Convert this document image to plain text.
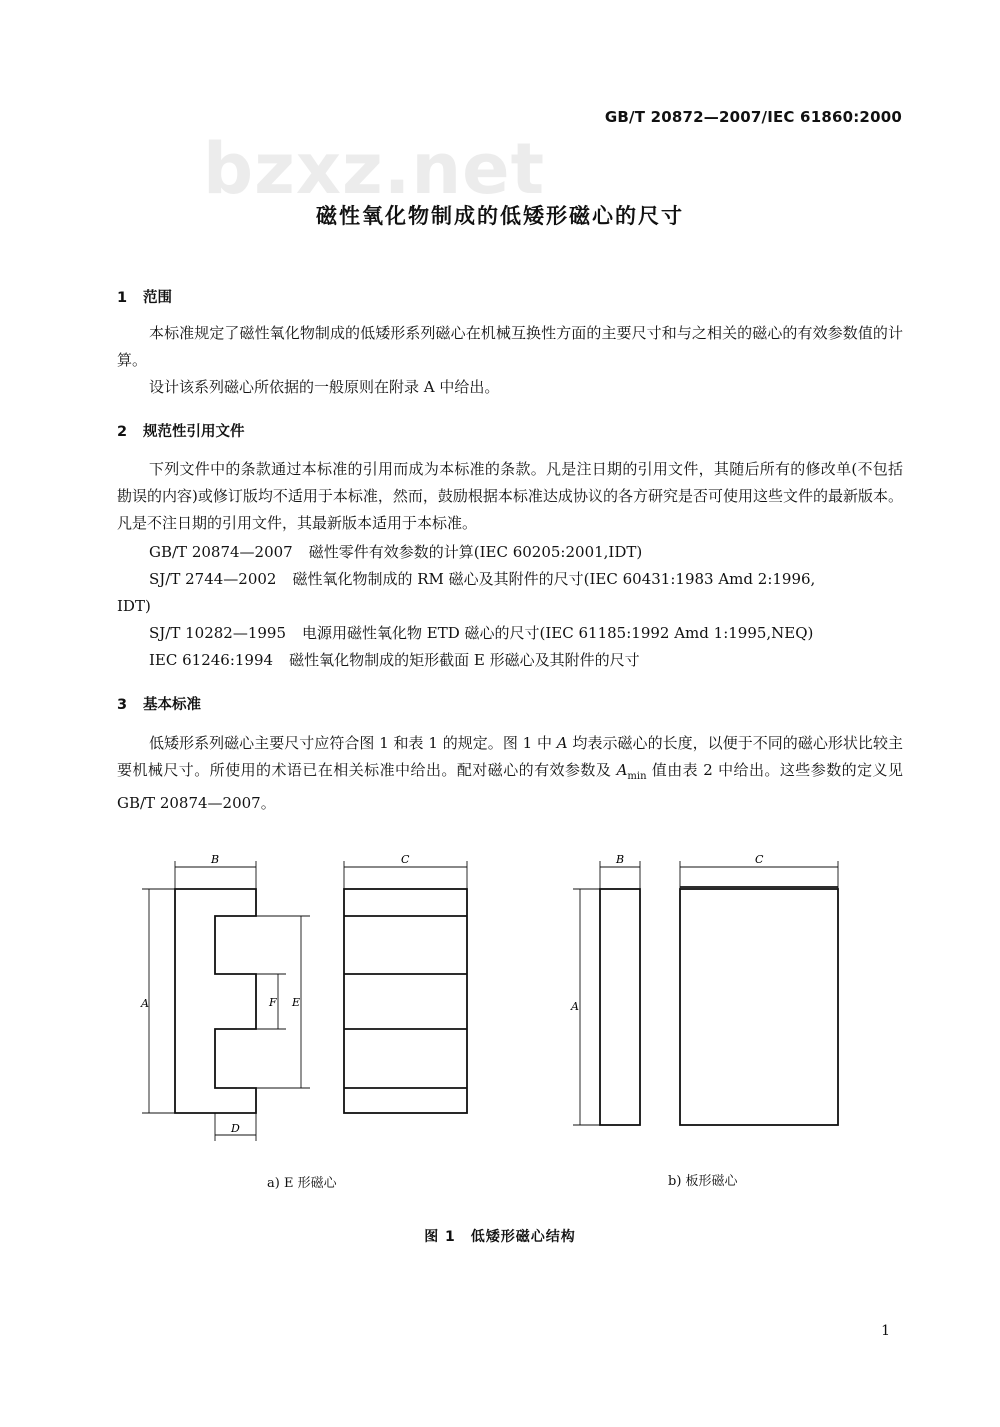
bzxz.net
GB/T 20872—2007/IEC 61860:2000
磁性氧化物制成的低矮形磁心的尺寸
1 范围
本标准规定了磁性氧化物制成的低矮形系列磁心在机械互换性方面的主要尺寸和与之相关的磁心的有效参数值的计算。
设计该系列磁心所依据的一般原则在附录 A 中给出。
2 规范性引用文件
下列文件中的条款通过本标准的引用而成为本标准的条款。凡是注日期的引用文件，其随后所有的修改单(不包括勘误的内容)或修订版均不适用于本标准，然而，鼓励根据本标准达成协议的各方研究是否可使用这些文件的最新版本。凡是不注日期的引用文件，其最新版本适用于本标准。
GB/T 20874—2007 磁性零件有效参数的计算(IEC 60205:2001,IDT)
SJ/T 2744—2002 磁性氧化物制成的 RM 磁心及其附件的尺寸(IEC 60431:1983 Amd 2:1996,
IDT)
SJ/T 10282—1995 电源用磁性氧化物 ETD 磁心的尺寸(IEC 61185:1992 Amd 1:1995,NEQ)
IEC 61246:1994 磁性氧化物制成的矩形截面 E 形磁心及其附件的尺寸
3 基本标准
低矮形系列磁心主要尺寸应符合图 1 和表 1 的规定。图 1 中 A 均表示磁心的长度，以便于不同的磁心形状比较主要机械尺寸。所使用的术语已在相关标准中给出。配对磁心的有效参数及 $A_{min}$ 值由表 2 中给出。这些参数的定义见 GB/T 20874—2007。
B	C
A	E
F
D
B	C
A
a) E 形磁心	b) 板形磁心
图 1　低矮形磁心结构
1
